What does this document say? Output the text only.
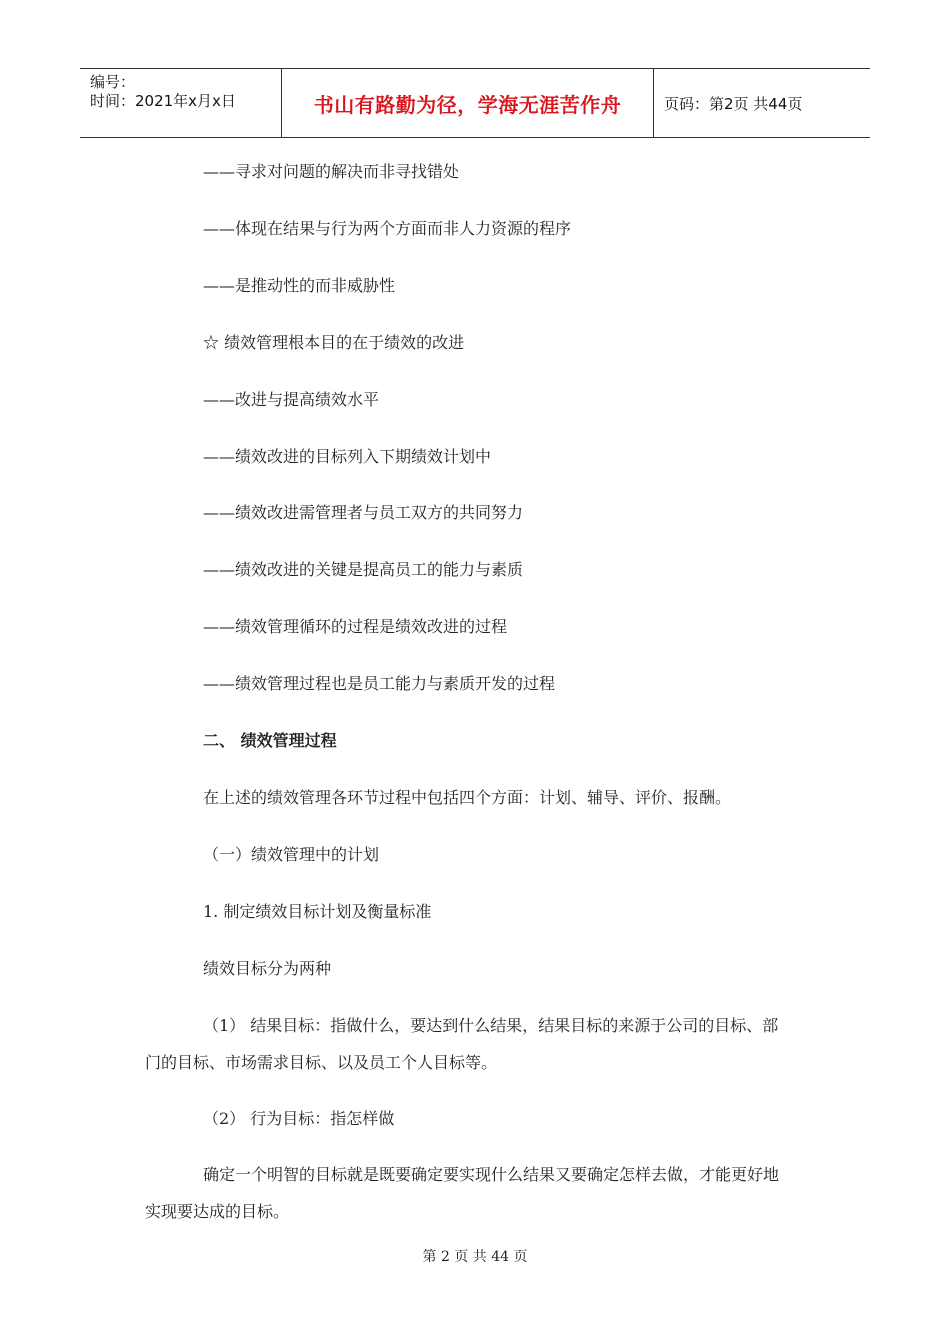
编号：
时间：2021年x月x日	书山有路勤为径，学海无涯苦作舟	页码：第2页 共44页
——寻求对问题的解决而非寻找错处
——体现在结果与行为两个方面而非人力资源的程序
——是推动性的而非威胁性
☆ 绩效管理根本目的在于绩效的改进
——改进与提高绩效水平
——绩效改进的目标列入下期绩效计划中
——绩效改进需管理者与员工双方的共同努力
——绩效改进的关键是提高员工的能力与素质
——绩效管理循环的过程是绩效改进的过程
——绩效管理过程也是员工能力与素质开发的过程
二、 绩效管理过程
在上述的绩效管理各环节过程中包括四个方面：计划、辅导、评价、报酬。
（一）绩效管理中的计划
1. 制定绩效目标计划及衡量标准
绩效目标分为两种
（1） 结果目标：指做什么，要达到什么结果，结果目标的来源于公司的目标、部
门的目标、市场需求目标、以及员工个人目标等。
（2） 行为目标：指怎样做
确定一个明智的目标就是既要确定要实现什么结果又要确定怎样去做，才能更好地
实现要达成的目标。
第 2 页 共 44 页
